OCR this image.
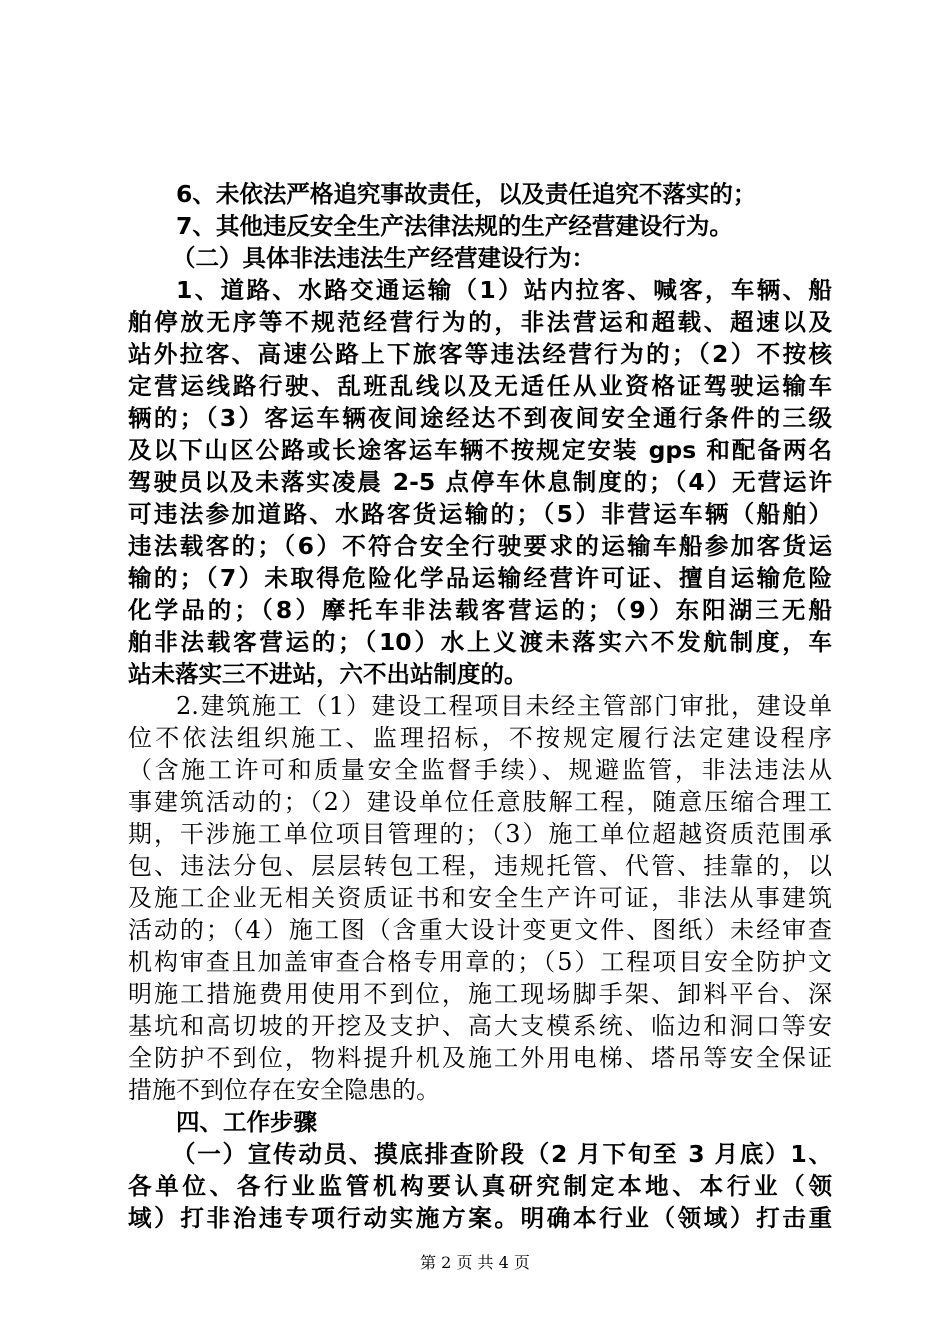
6、未依法严格追究事故责任，以及责任追究不落实的；
7、其他违反安全生产法律法规的生产经营建设行为。
（二）具体非法违法生产经营建设行为：
1、道路、水路交通运输（1）站内拉客、喊客，车辆、船
舶停放无序等不规范经营行为的，非法营运和超载、超速以及
站外拉客、高速公路上下旅客等违法经营行为的；（2）不按核
定营运线路行驶、乱班乱线以及无适任从业资格证驾驶运输车
辆的；（3）客运车辆夜间途经达不到夜间安全通行条件的三级
及以下山区公路或长途客运车辆不按规定安装 gps 和配备两名
驾驶员以及未落实凌晨 2-5 点停车休息制度的；（4）无营运许
可违法参加道路、水路客货运输的；（5）非营运车辆（船舶）
违法载客的；（6）不符合安全行驶要求的运输车船参加客货运
输的；（7）未取得危险化学品运输经营许可证、擅自运输危险
化学品的；（8）摩托车非法载客营运的；（9）东阳湖三无船
舶非法载客营运的；（10）水上义渡未落实六不发航制度，车
站未落实三不进站，六不出站制度的。
2.建筑施工（1）建设工程项目未经主管部门审批，建设单
位不依法组织施工、监理招标，不按规定履行法定建设程序
（含施工许可和质量安全监督手续）、规避监管，非法违法从
事建筑活动的；（2）建设单位任意肢解工程，随意压缩合理工
期，干涉施工单位项目管理的；（3）施工单位超越资质范围承
包、违法分包、层层转包工程，违规托管、代管、挂靠的，以
及施工企业无相关资质证书和安全生产许可证，非法从事建筑
活动的；（4）施工图（含重大设计变更文件、图纸）未经审查
机构审查且加盖审查合格专用章的；（5）工程项目安全防护文
明施工措施费用使用不到位，施工现场脚手架、卸料平台、深
基坑和高切坡的开挖及支护、高大支模系统、临边和洞口等安
全防护不到位，物料提升机及施工外用电梯、塔吊等安全保证
措施不到位存在安全隐患的。
四、工作步骤
（一）宣传动员、摸底排查阶段（2 月下旬至 3 月底）1、
各单位、各行业监管机构要认真研究制定本地、本行业（领
域）打非治违专项行动实施方案。明确本行业（领域）打击重
第 2 页 共 4 页
